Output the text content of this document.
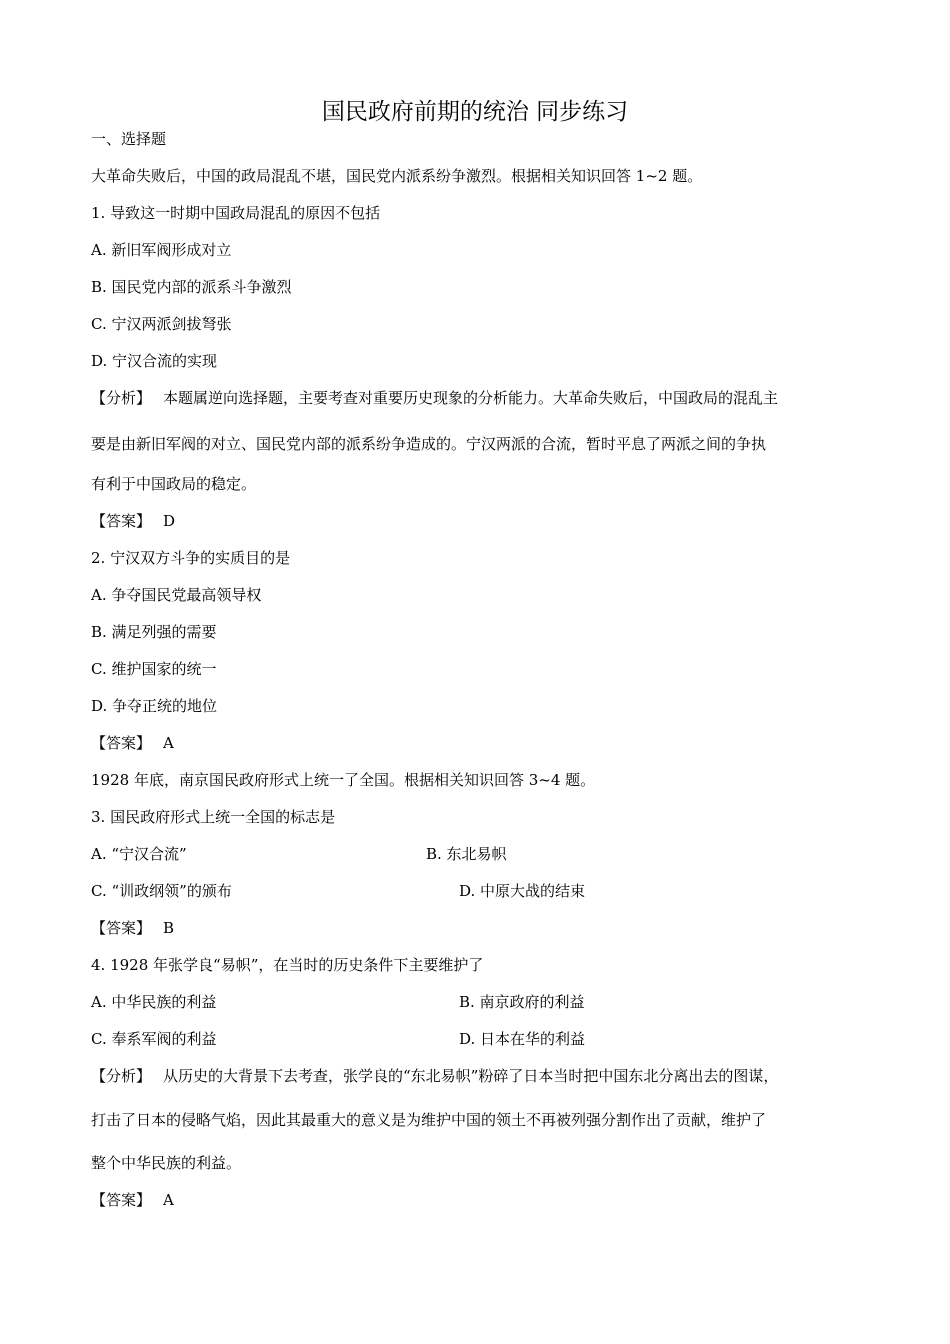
国民政府前期的统治 同步练习
一、选择题
大革命失败后，中国的政局混乱不堪，国民党内派系纷争激烈。根据相关知识回答 1~2 题。
1. 导致这一时期中国政局混乱的原因不包括
A. 新旧军阀形成对立
B. 国民党内部的派系斗争激烈
C. 宁汉两派剑拔弩张
D. 宁汉合流的实现
【分析】 本题属逆向选择题，主要考查对重要历史现象的分析能力。大革命失败后，中国政局的混乱主
要是由新旧军阀的对立、国民党内部的派系纷争造成的。宁汉两派的合流，暂时平息了两派之间的争执
有利于中国政局的稳定。
【答案】 D
2. 宁汉双方斗争的实质目的是
A. 争夺国民党最高领导权
B. 满足列强的需要
C. 维护国家的统一
D. 争夺正统的地位
【答案】 A
1928 年底，南京国民政府形式上统一了全国。根据相关知识回答 3~4 题。
3. 国民政府形式上统一全国的标志是
A. “宁汉合流”	B. 东北易帜
C. “训政纲领”的颁布	D. 中原大战的结束
【答案】 B
4. 1928 年张学良“易帜”，在当时的历史条件下主要维护了
A. 中华民族的利益	B. 南京政府的利益
C. 奉系军阀的利益	D. 日本在华的利益
【分析】 从历史的大背景下去考查，张学良的“东北易帜”粉碎了日本当时把中国东北分离出去的图谋，
打击了日本的侵略气焰，因此其最重大的意义是为维护中国的领土不再被列强分割作出了贡献，维护了
整个中华民族的利益。
【答案】 A
